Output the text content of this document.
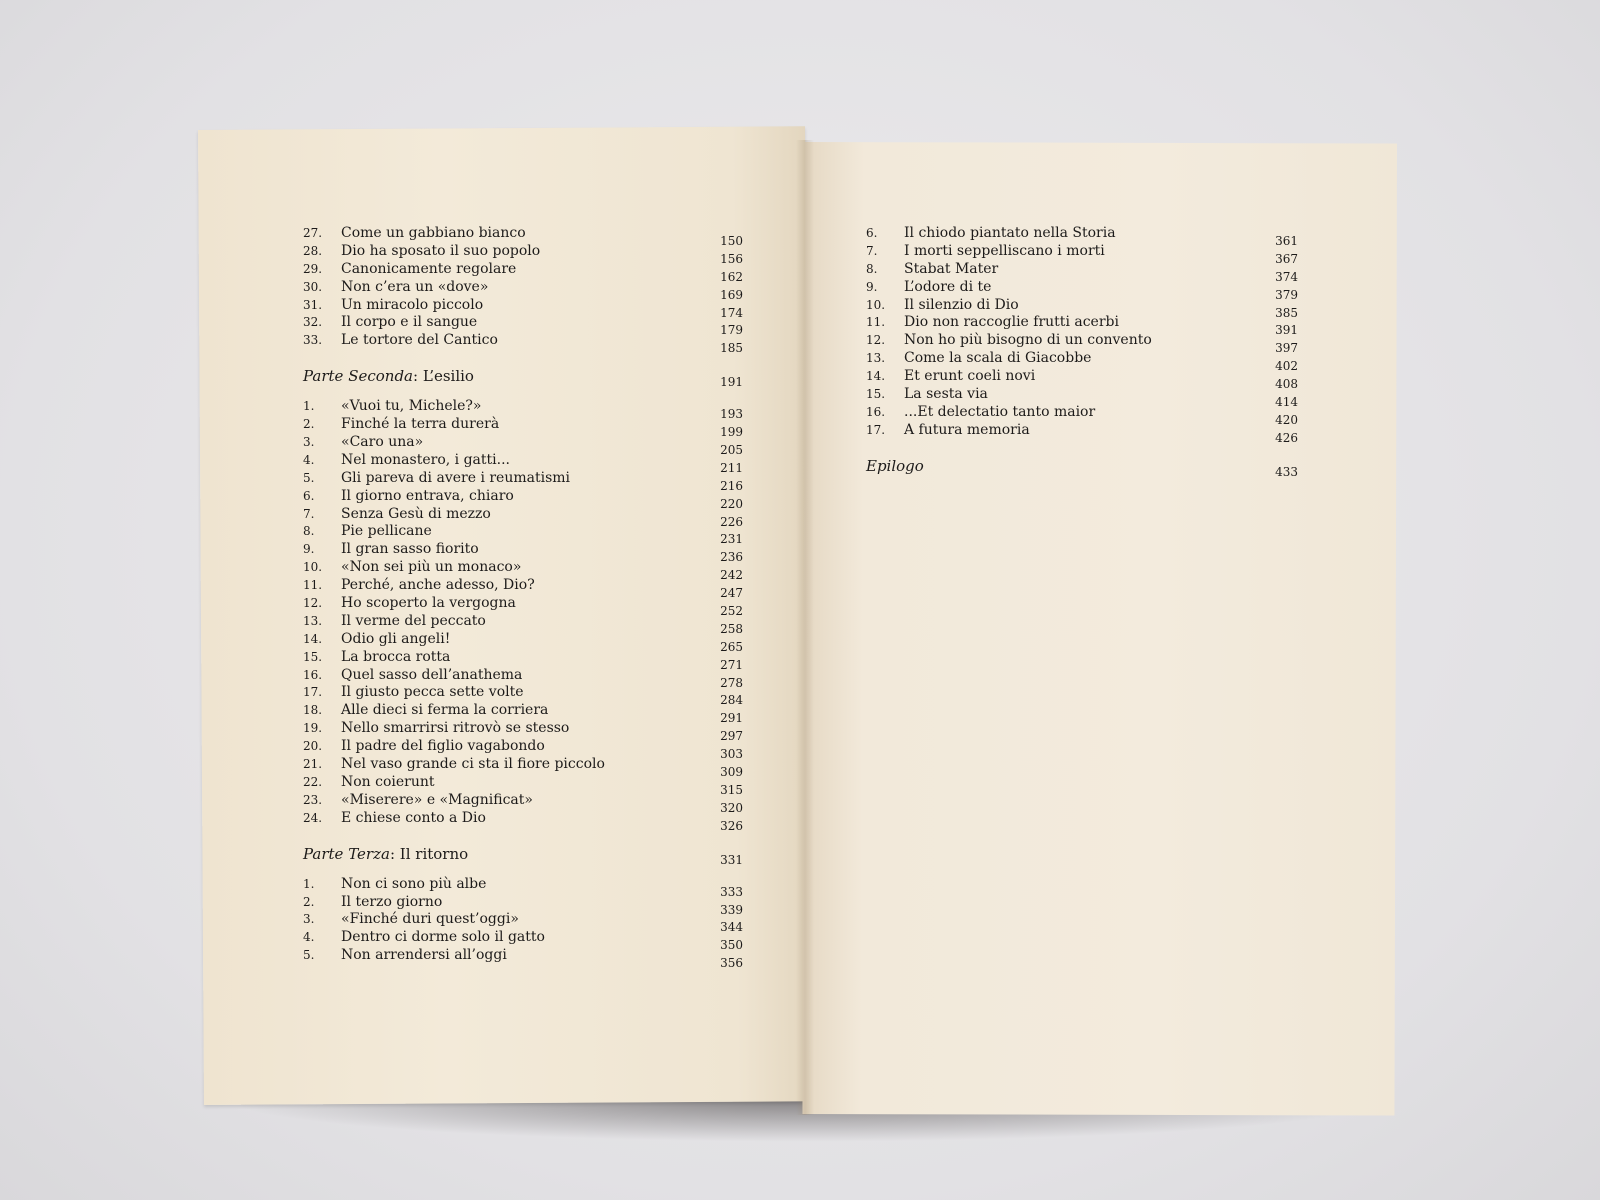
27. Come un gabbiano bianco	150
28. Dio ha sposato il suo popolo	156
29. Canonicamente regolare	162
30. Non c’era un «dove»	169
31. Un miracolo piccolo	174
32. Il corpo e il sangue	179
33. Le tortore del Cantico	185
Parte Seconda: L’esilio	191
1. «Vuoi tu, Michele?»	193
2. Finché la terra durerà	199
3. «Caro una»	205
4. Nel monastero, i gatti...	211
5. Gli pareva di avere i reumatismi	216
6. Il giorno entrava, chiaro	220
7. Senza Gesù di mezzo	226
8. Pie pellicane	231
9. Il gran sasso fiorito	236
10. «Non sei più un monaco»	242
11. Perché, anche adesso, Dio?	247
12. Ho scoperto la vergogna	252
13. Il verme del peccato	258
14. Odio gli angeli!	265
15. La brocca rotta	271
16. Quel sasso dell’anathema	278
17. Il giusto pecca sette volte	284
18. Alle dieci si ferma la corriera	291
19. Nello smarrirsi ritrovò se stesso	297
20. Il padre del figlio vagabondo	303
21. Nel vaso grande ci sta il fiore piccolo	309
22. Non coierunt	315
23. «Miserere» e «Magnificat»	320
24. E chiese conto a Dio	326
Parte Terza: Il ritorno	331
1. Non ci sono più albe	333
2. Il terzo giorno	339
3. «Finché duri quest’oggi»	344
4. Dentro ci dorme solo il gatto	350
5. Non arrendersi all’oggi	356
6. Il chiodo piantato nella Storia	361
7. I morti seppelliscano i morti	367
8. Stabat Mater	374
9. L’odore di te	379
10. Il silenzio di Dio	385
11. Dio non raccoglie frutti acerbi	391
12. Non ho più bisogno di un convento	397
13. Come la scala di Giacobbe	402
14. Et erunt coeli novi	408
15. La sesta via	414
16. ...Et delectatio tanto maior	420
17. A futura memoria	426
Epilogo	433
